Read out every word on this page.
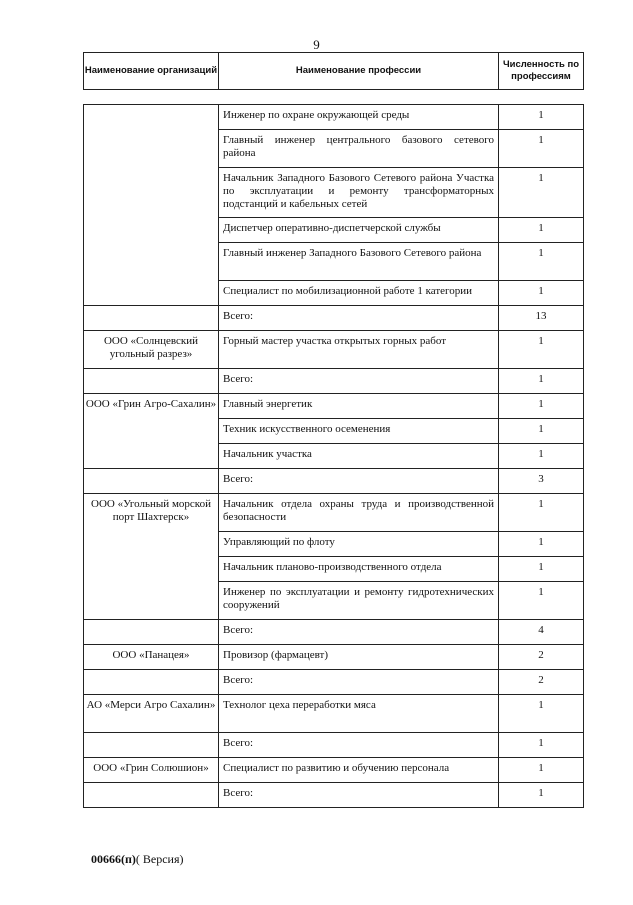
9
Наименование организаций	Наименование профессии	Численность по профессиям
	Инженер по охране окружающей среды	1
	Главный инженер центрального базового сетевого района	1
	Начальник Западного Базового Сетевого района Участка по эксплуатации и ремонту трансформаторных подстанций и кабельных сетей	1
	Диспетчер оперативно-диспетчерской службы	1
	Главный инженер Западного Базового Сетевого района	1
	Специалист по мобилизационной работе 1 категории	1
	Всего:	13
ООО «Солнцевский угольный разрез»	Горный мастер участка открытых горных работ	1
	Всего:	1
ООО «Грин Агро-Сахалин»	Главный энергетик	1
	Техник искусственного осеменения	1
	Начальник участка	1
	Всего:	3
ООО «Угольный морской порт Шахтерск»	Начальник отдела охраны труда и производственной безопасности	1
	Управляющий по флоту	1
	Начальник планово-производственного отдела	1
	Инженер по эксплуатации и ремонту гидротехнических сооружений	1
	Всего:	4
ООО «Панацея»	Провизор (фармацевт)	2
	Всего:	2
АО «Мерси Агро Сахалин»	Технолог цеха переработки мяса	1
	Всего:	1
ООО «Грин Солюшион»	Специалист по развитию и обучению персонала	1
	Всего:	1
00666(п)( Версия)
